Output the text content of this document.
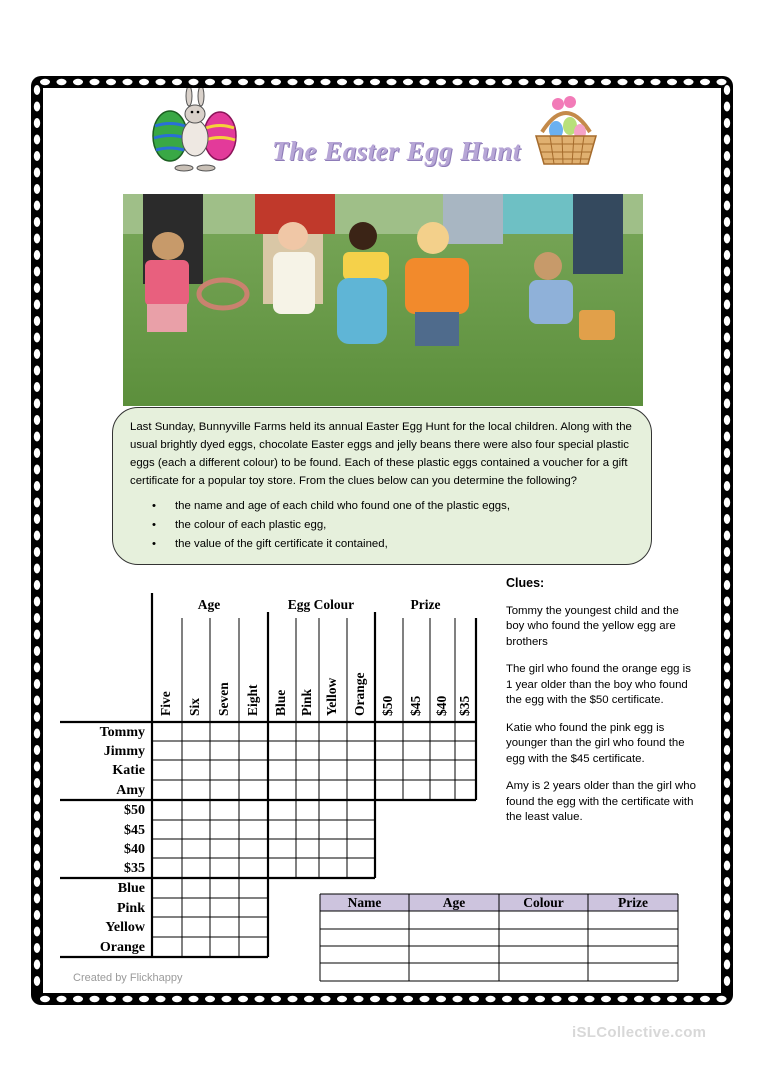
The Easter Egg Hunt

Last Sunday, Bunnyville Farms held its annual Easter Egg Hunt for the local children. Along with the usual brightly dyed eggs, chocolate Easter eggs and jelly beans there were also four special plastic eggs (each a different colour) to be found. Each of these plastic eggs contained a voucher for a gift certificate for a popular toy store. From the clues below can you determine the following?

• the name and age of each child who found one of the plastic eggs,
• the colour of each plastic egg,
• the value of the gift certificate it contained,
Clues:

Tommy the youngest child and the boy who found the yellow egg are brothers

The girl who found the orange egg is 1 year older than the boy who found the egg with the $50 certificate.

Katie who found the pink egg is younger than the girl who found the egg with the $45 certificate.

Amy is 2 years older than the girl who found the egg with the certificate with the least value.

Age	Egg Colour	Prize
Five Six Seven Eight Blue Pink Yellow Orange $50 $45 $40 $35
Tommy
Jimmy
Katie
Amy
$50
$45
$40
$35
Blue
Pink
Yellow
Orange
Name	Age	Colour	Prize
Created by Flickhappy
iSLCollective.com
